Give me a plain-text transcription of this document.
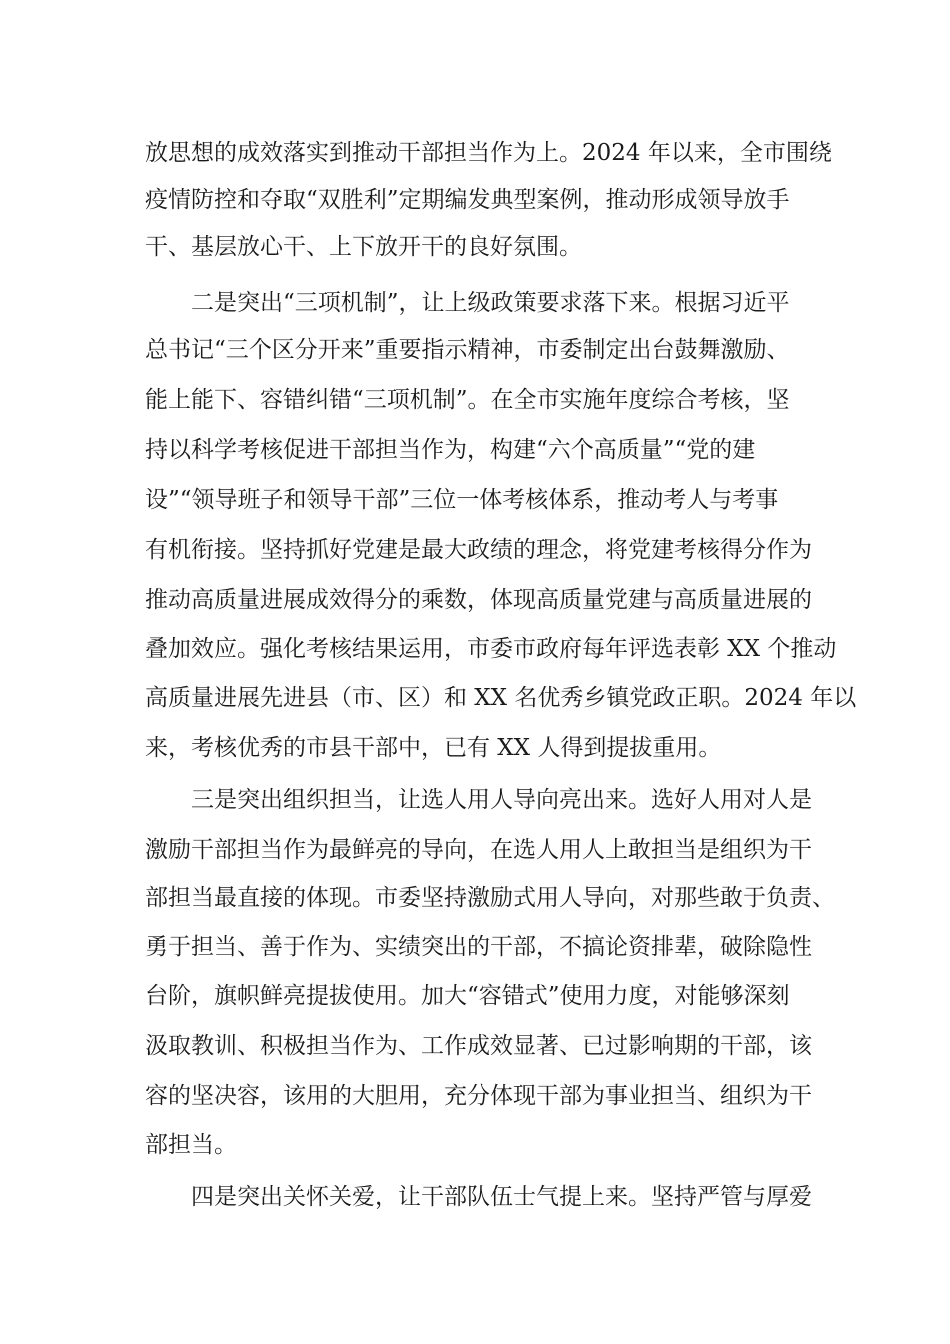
放思想的成效落实到推动干部担当作为上。2024 年以来，全市围绕
疫情防控和夺取“双胜利”定期编发典型案例，推动形成领导放手
干、基层放心干、上下放开干的良好氛围。
二是突出“三项机制”，让上级政策要求落下来。根据习近平
总书记“三个区分开来”重要指示精神，市委制定出台鼓舞激励、
能上能下、容错纠错“三项机制”。在全市实施年度综合考核，坚
持以科学考核促进干部担当作为，构建“六个高质量”“党的建
设”“领导班子和领导干部”三位一体考核体系，推动考人与考事
有机衔接。坚持抓好党建是最大政绩的理念，将党建考核得分作为
推动高质量进展成效得分的乘数，体现高质量党建与高质量进展的
叠加效应。强化考核结果运用，市委市政府每年评选表彰 XX 个推动
高质量进展先进县（市、区）和 XX 名优秀乡镇党政正职。2024 年以
来，考核优秀的市县干部中，已有 XX 人得到提拔重用。
三是突出组织担当，让选人用人导向亮出来。选好人用对人是
激励干部担当作为最鲜亮的导向，在选人用人上敢担当是组织为干
部担当最直接的体现。市委坚持激励式用人导向，对那些敢于负责、
勇于担当、善于作为、实绩突出的干部，不搞论资排辈，破除隐性
台阶，旗帜鲜亮提拔使用。加大“容错式”使用力度，对能够深刻
汲取教训、积极担当作为、工作成效显著、已过影响期的干部，该
容的坚决容，该用的大胆用，充分体现干部为事业担当、组织为干
部担当。
四是突出关怀关爱，让干部队伍士气提上来。坚持严管与厚爱
